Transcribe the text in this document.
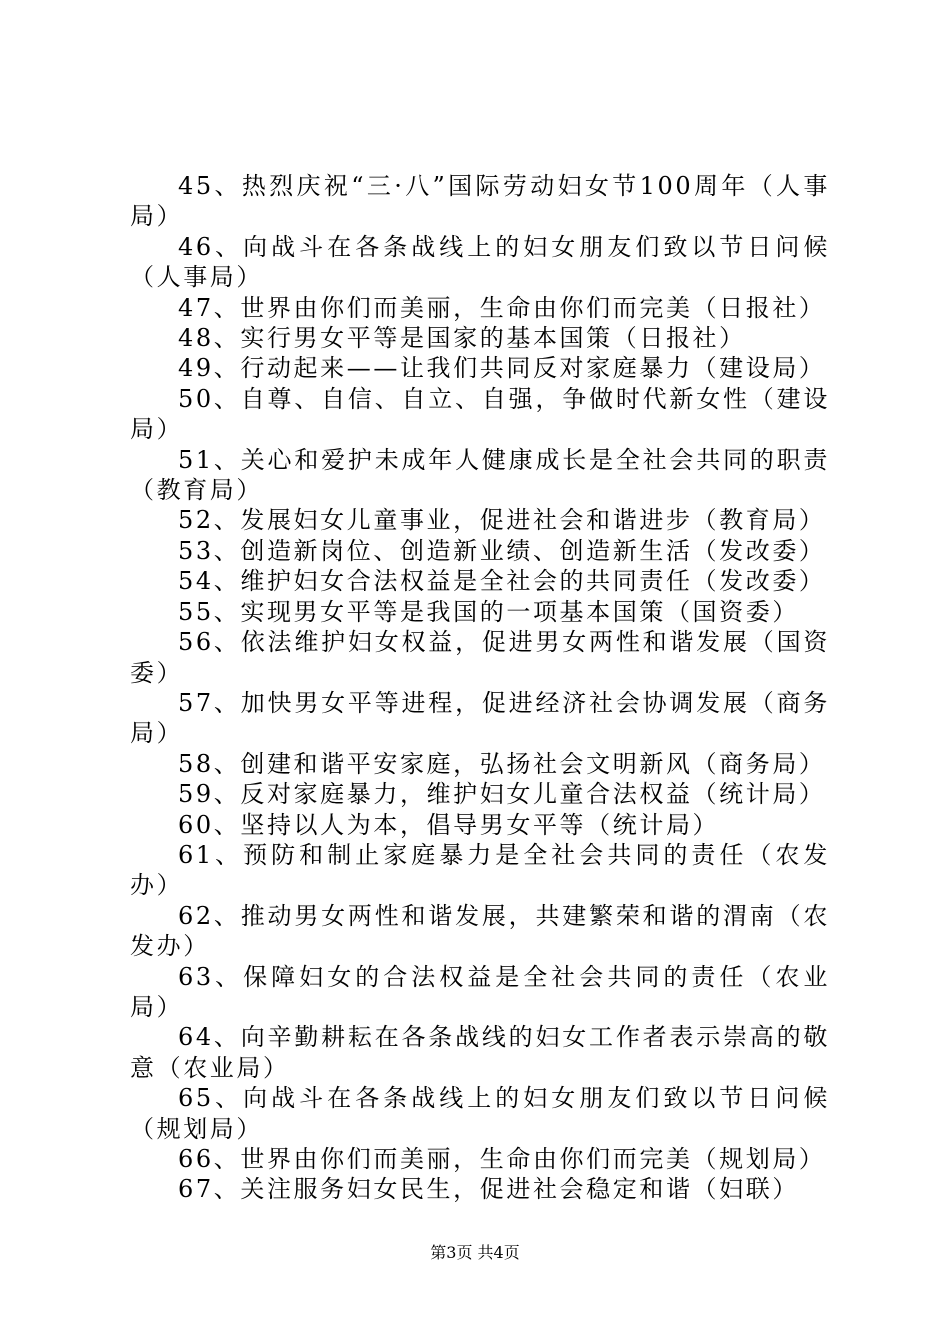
45、热烈庆祝“三·八”国际劳动妇女节100周年（人事局）

46、向战斗在各条战线上的妇女朋友们致以节日问候（人事局）

47、世界由你们而美丽，生命由你们而完美（日报社）

48、实行男女平等是国家的基本国策（日报社）

49、行动起来——让我们共同反对家庭暴力（建设局）

50、自尊、自信、自立、自强，争做时代新女性（建设局）

51、关心和爱护未成年人健康成长是全社会共同的职责（教育局）

52、发展妇女儿童事业，促进社会和谐进步（教育局）

53、创造新岗位、创造新业绩、创造新生活（发改委）

54、维护妇女合法权益是全社会的共同责任（发改委）

55、实现男女平等是我国的一项基本国策（国资委）

56、依法维护妇女权益，促进男女两性和谐发展（国资委）

57、加快男女平等进程，促进经济社会协调发展（商务局）

58、创建和谐平安家庭，弘扬社会文明新风（商务局）

59、反对家庭暴力，维护妇女儿童合法权益（统计局）

60、坚持以人为本，倡导男女平等（统计局）

61、预防和制止家庭暴力是全社会共同的责任（农发办）

62、推动男女两性和谐发展，共建繁荣和谐的渭南（农发办）

63、保障妇女的合法权益是全社会共同的责任（农业局）

64、向辛勤耕耘在各条战线的妇女工作者表示崇高的敬意（农业局）

65、向战斗在各条战线上的妇女朋友们致以节日问候（规划局）

66、世界由你们而美丽，生命由你们而完美（规划局）

67、关注服务妇女民生，促进社会稳定和谐（妇联）

第3页 共4页
